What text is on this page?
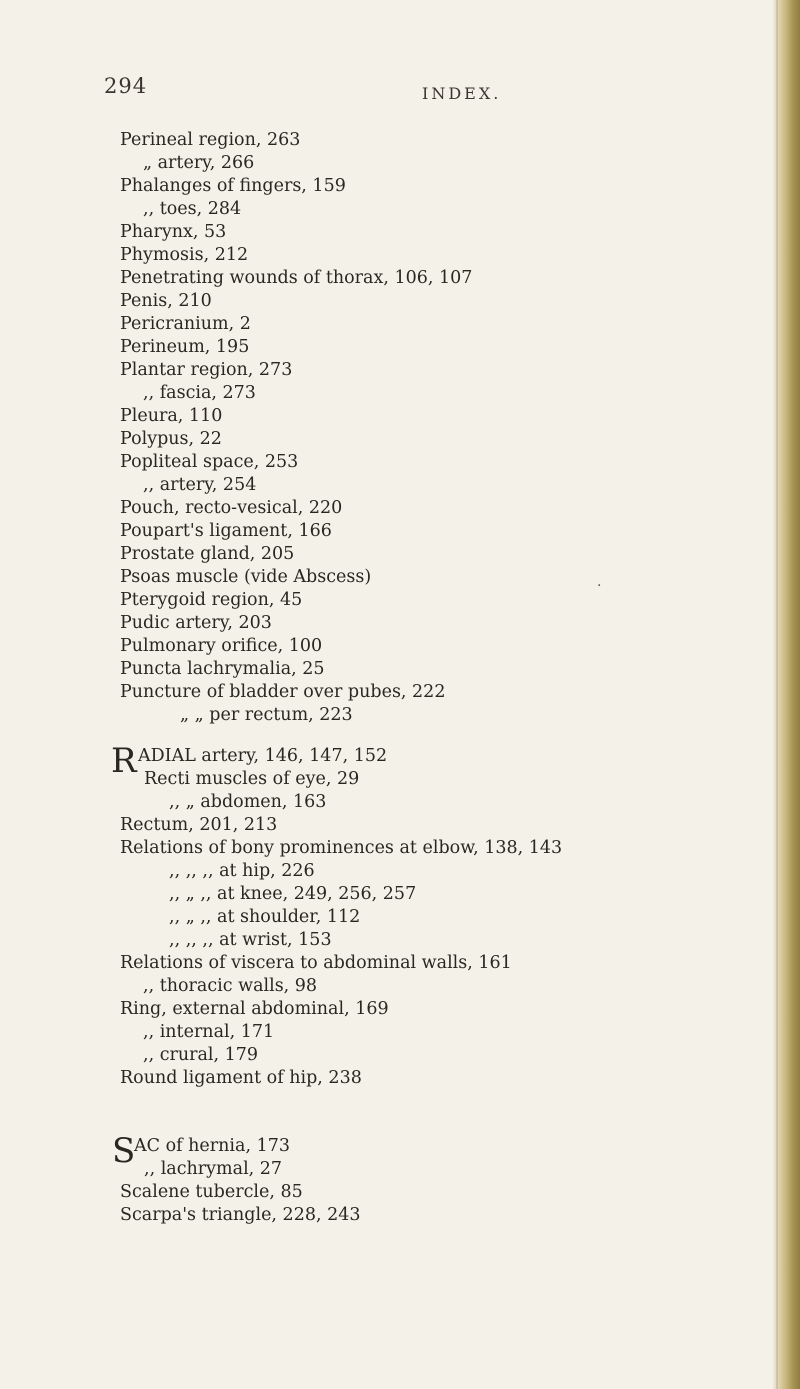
294	INDEX.
Perineal region, 263
„ artery, 266
Phalanges of fingers, 159
,, toes, 284
Pharynx, 53
Phymosis, 212
Penetrating wounds of thorax, 106, 107
Penis, 210
Pericranium, 2
Perineum, 195
Plantar region, 273
,, fascia, 273
Pleura, 110
Polypus, 22
Popliteal space, 253
,, artery, 254
Pouch, recto-vesical, 220
Poupart's ligament, 166
Prostate gland, 205
Psoas muscle (vide Abscess)
Pterygoid region, 45
Pudic artery, 203
Pulmonary orifice, 100
Puncta lachrymalia, 25
Puncture of bladder over pubes, 222
„ „ per rectum, 223
.
R ADIAL artery, 146, 147, 152
Recti muscles of eye, 29
,, „ abdomen, 163
Rectum, 201, 213
Relations of bony prominences at elbow, 138, 143
,, ,, ,, at hip, 226
,, „ ,, at knee, 249, 256, 257
,, „ ,, at shoulder, 112
,, ,, ,, at wrist, 153
Relations of viscera to abdominal walls, 161
,, thoracic walls, 98
Ring, external abdominal, 169
,, internal, 171
,, crural, 179
Round ligament of hip, 238
S
AC of hernia, 173
,, lachrymal, 27
Scalene tubercle, 85
Scarpa's triangle, 228, 243
